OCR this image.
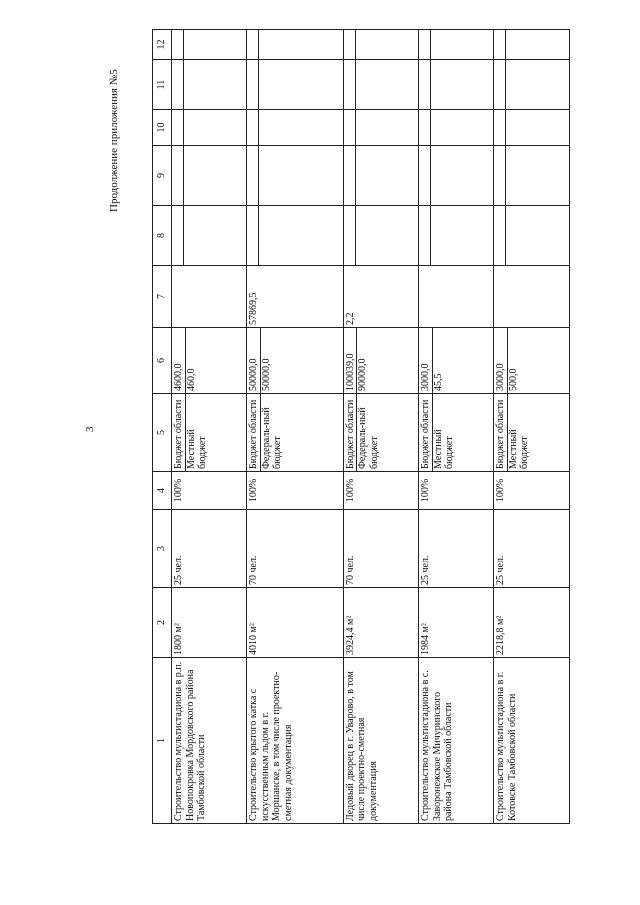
3
Продолжение приложения №5
1	2	3	4	5	6	7	8	9	10	11	12
Строительство мультистадиона в р.п. Новопокровка Мордовского района Тамбовской области	1800 м²	25 чел.	100%	Бюджет области Местный бюджет	4600,0 460,0						

Строительство крытого катка с искусственным льдом в г. Моршанске, в том числе проектно-сметная документация	4010 м²	70 чел.	100%	Бюджет области Федераль-ный бюджет	50000,0 50000,0	57869,5	

Ледовый дворец в г. Уварово, в том числе проектно-сметная документация	3924,4 м²	70 чел.	100%	Бюджет области Федераль-ный бюджет	100039,0 90000,0	2,2	

Строительство мультистадиона в с. Заворонежское Мичуринского района Тамбовской области	1984 м²	25 чел.	100%	Бюджет области Местный бюджет	3000,0 45,5						

Строительство мультистадиона в г. Котовске Тамбовской области	2218,8 м²	25 чел.	100%	Бюджет области Местный бюджет	3000,0 500,0						
